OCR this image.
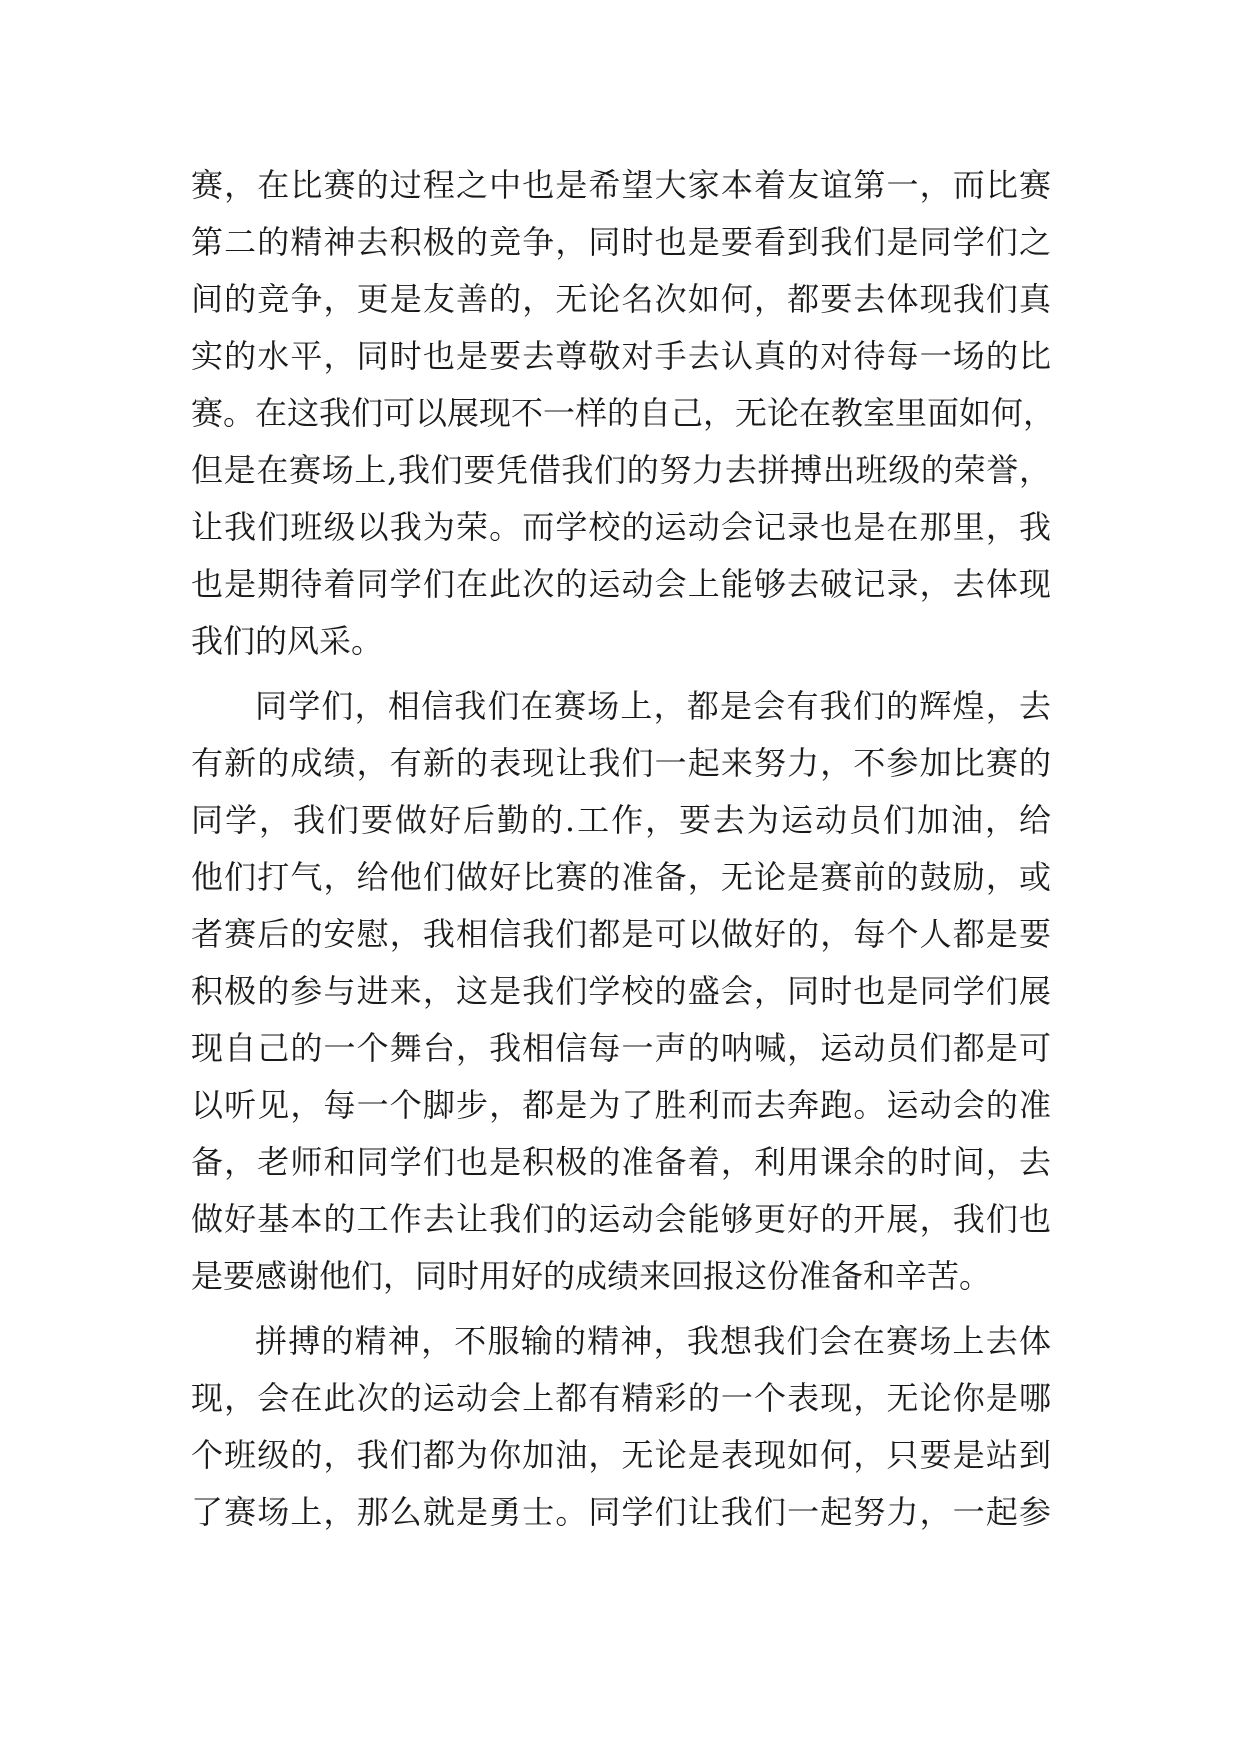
赛，在比赛的过程之中也是希望大家本着友谊第一，而比赛
第二的精神去积极的竞争，同时也是要看到我们是同学们之
间的竞争，更是友善的，无论名次如何，都要去体现我们真
实的水平，同时也是要去尊敬对手去认真的对待每一场的比
赛。在这我们可以展现不一样的自己，无论在教室里面如何，
但是在赛场上,我们要凭借我们的努力去拼搏出班级的荣誉，
让我们班级以我为荣。而学校的运动会记录也是在那里，我
也是期待着同学们在此次的运动会上能够去破记录，去体现
我们的风采。
同学们，相信我们在赛场上，都是会有我们的辉煌，去
有新的成绩，有新的表现让我们一起来努力，不参加比赛的
同学，我们要做好后勤的.工作，要去为运动员们加油，给
他们打气，给他们做好比赛的准备，无论是赛前的鼓励，或
者赛后的安慰，我相信我们都是可以做好的，每个人都是要
积极的参与进来，这是我们学校的盛会，同时也是同学们展
现自己的一个舞台，我相信每一声的呐喊，运动员们都是可
以听见，每一个脚步，都是为了胜利而去奔跑。运动会的准
备，老师和同学们也是积极的准备着，利用课余的时间，去
做好基本的工作去让我们的运动会能够更好的开展，我们也
是要感谢他们，同时用好的成绩来回报这份准备和辛苦。
拼搏的精神，不服输的精神，我想我们会在赛场上去体
现，会在此次的运动会上都有精彩的一个表现，无论你是哪
个班级的，我们都为你加油，无论是表现如何，只要是站到
了赛场上，那么就是勇士。同学们让我们一起努力，一起参
